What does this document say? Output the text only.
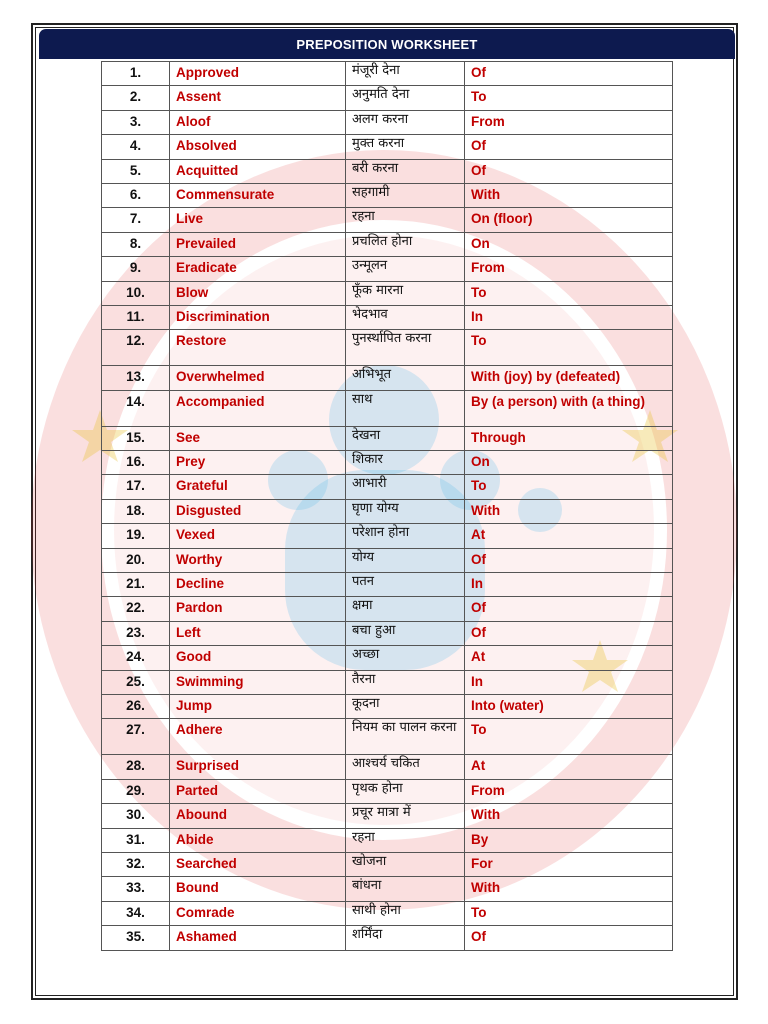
PREPOSITION WORKSHEET
1.	Approved	मंजूरी देना	Of
2.	Assent	अनुमति देना	To
3.	Aloof	अलग करना	From
4.	Absolved	मुक्त करना	Of
5.	Acquitted	बरी करना	Of
6.	Commensurate	सहगामी	With
7.	Live	रहना	On (floor)
8.	Prevailed	प्रचलित होना	On
9.	Eradicate	उन्मूलन	From
10.	Blow	फूँक मारना	To
11.	Discrimination	भेदभाव	In
12.	Restore	पुनर्स्थापित करना	To
13.	Overwhelmed	अभिभूत	With (joy) by (defeated)
14.	Accompanied	साथ	By (a person) with (a thing)
15.	See	देखना	Through
16.	Prey	शिकार	On
17.	Grateful	आभारी	To
18.	Disgusted	घृणा योग्य	With
19.	Vexed	परेशान होना	At
20.	Worthy	योग्य	Of
21.	Decline	पतन	In
22.	Pardon	क्षमा	Of
23.	Left	बचा हुआ	Of
24.	Good	अच्छा	At
25.	Swimming	तैरना	In
26.	Jump	कूदना	Into (water)
27.	Adhere	नियम का पालन करना	To
28.	Surprised	आश्चर्य चकित	At
29.	Parted	पृथक होना	From
30.	Abound	प्रचूर मात्रा में	With
31.	Abide	रहना	By
32.	Searched	खोजना	For
33.	Bound	बांधना	With
34.	Comrade	साथी होना	To
35.	Ashamed	शर्मिंदा	Of
